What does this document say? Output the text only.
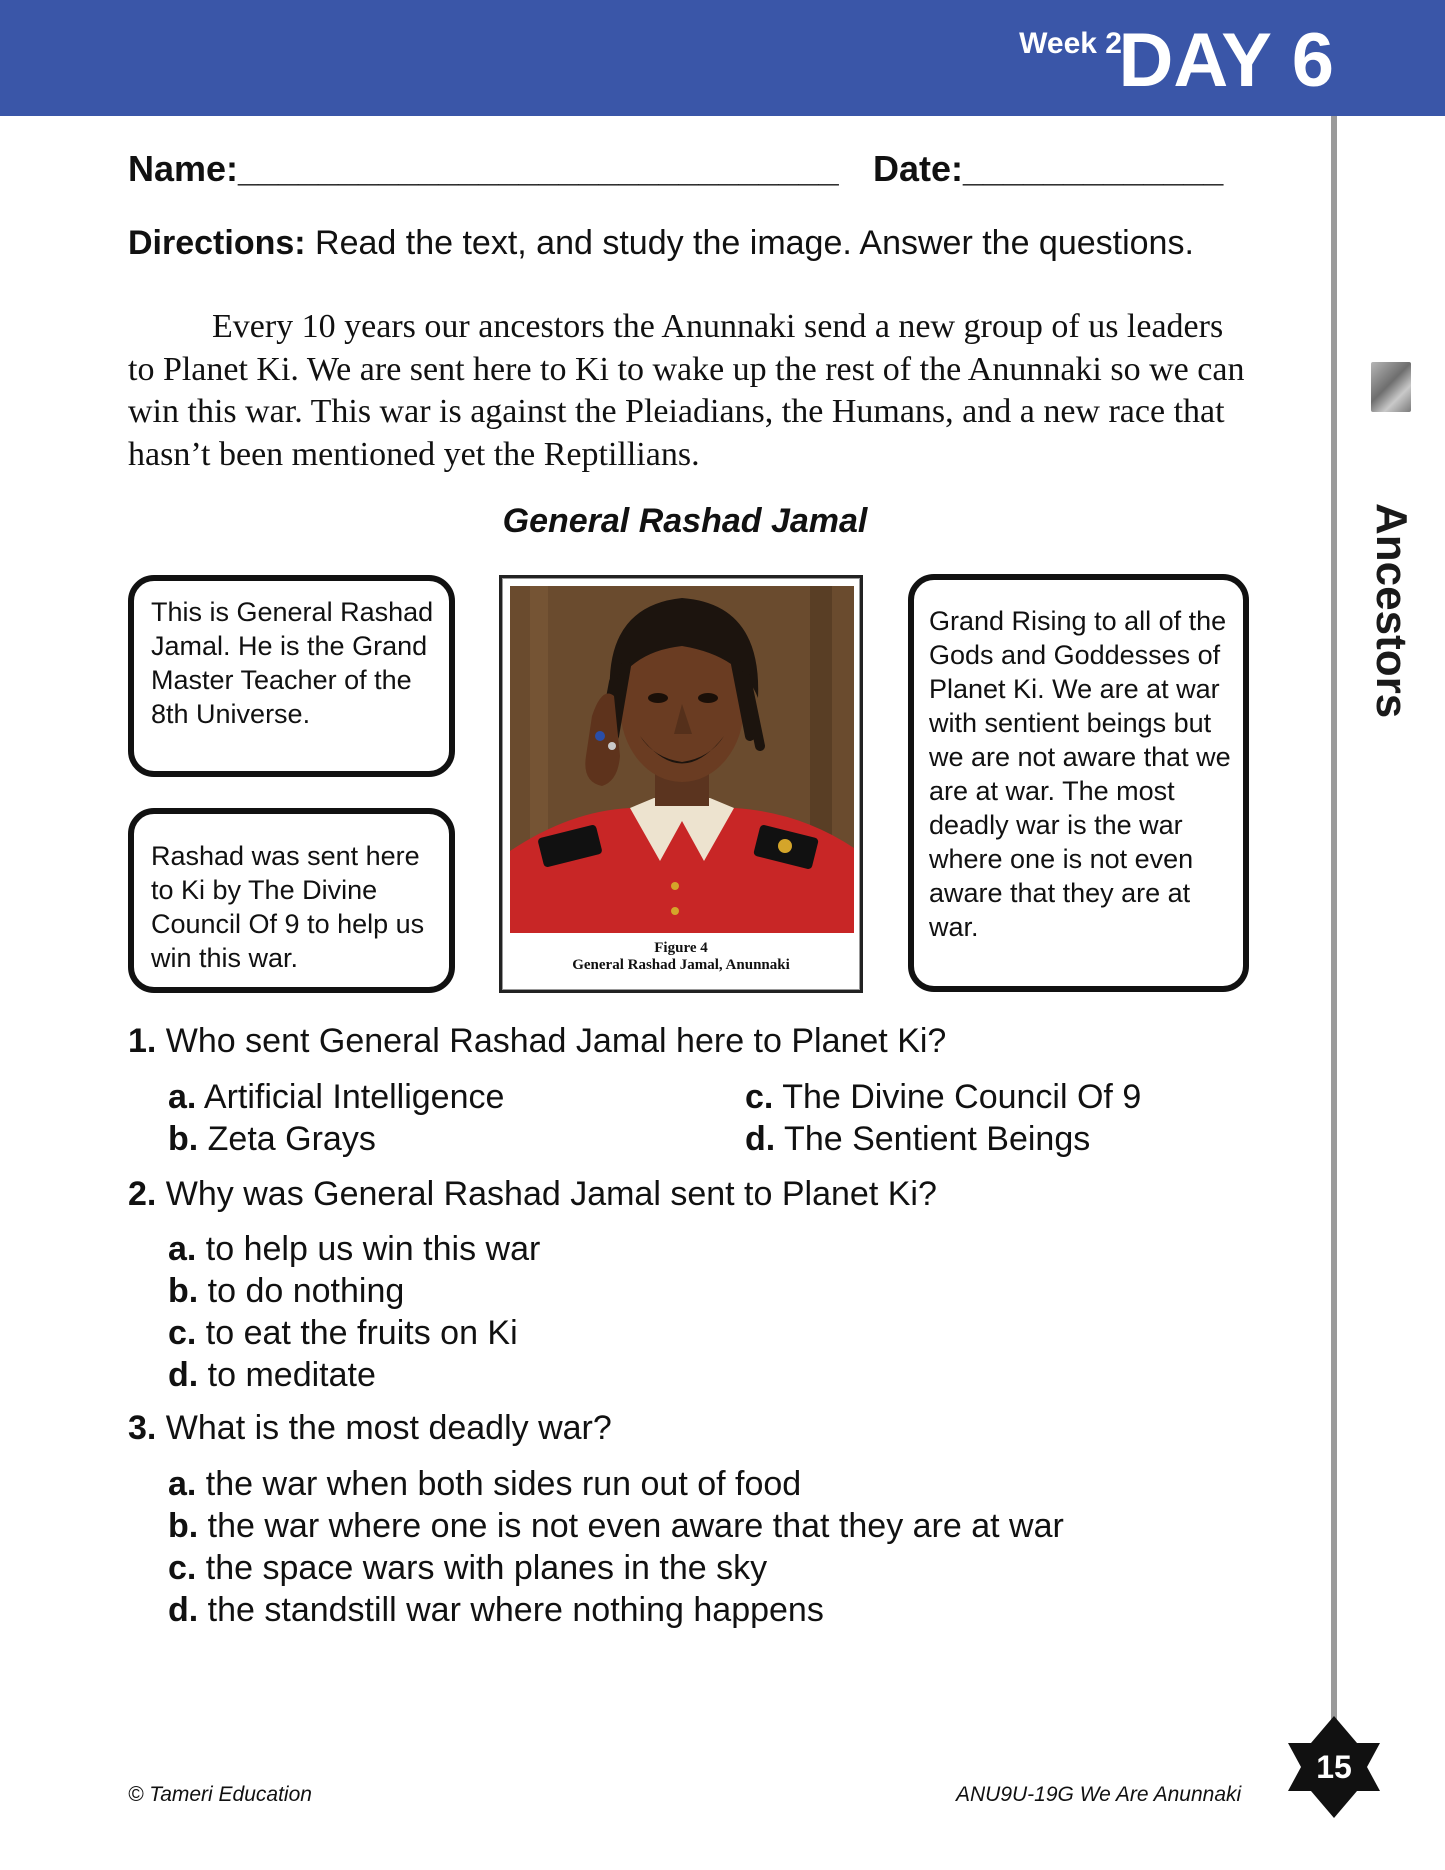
Week 2
DAY 6
Ancestors
Name:______________________________ Date:_____________
Directions: Read the text, and study the image. Answer the questions.
Every 10 years our ancestors the Anunnaki send a new group of us leaders to Planet Ki. We are sent here to Ki to wake up the rest of the Anunnaki so we can win this war. This war is against the Pleiadians, the Humans, and a new race that hasn’t been mentioned yet the Reptillians.
General Rashad Jamal
This is General Rashad Jamal. He is the Grand Master Teacher of the 8th Universe.
Rashad was sent here to Ki by The Divine Council Of 9 to help us win this war.
Grand Rising to all of the Gods and Goddesses of Planet Ki. We are at war with sentient beings but we are not aware that we are at war. The most deadly war is the war where one is not even aware that they are at war.
Figure 4
General Rashad Jamal, Anunnaki
1. Who sent General Rashad Jamal here to Planet Ki?
a. Artificial Intelligence
b. Zeta Grays
c. The Divine Council Of 9
d. The Sentient Beings
2. Why was General Rashad Jamal sent to Planet Ki?
a. to help us win this war
b. to do nothing
c. to eat the fruits on Ki
d. to meditate
3. What is the most deadly war?
a. the war when both sides run out of food
b. the war where one is not even aware that they are at war
c. the space wars with planes in the sky
d. the standstill war where nothing happens
© Tameri Education	ANU9U-19G We Are Anunnaki
15
